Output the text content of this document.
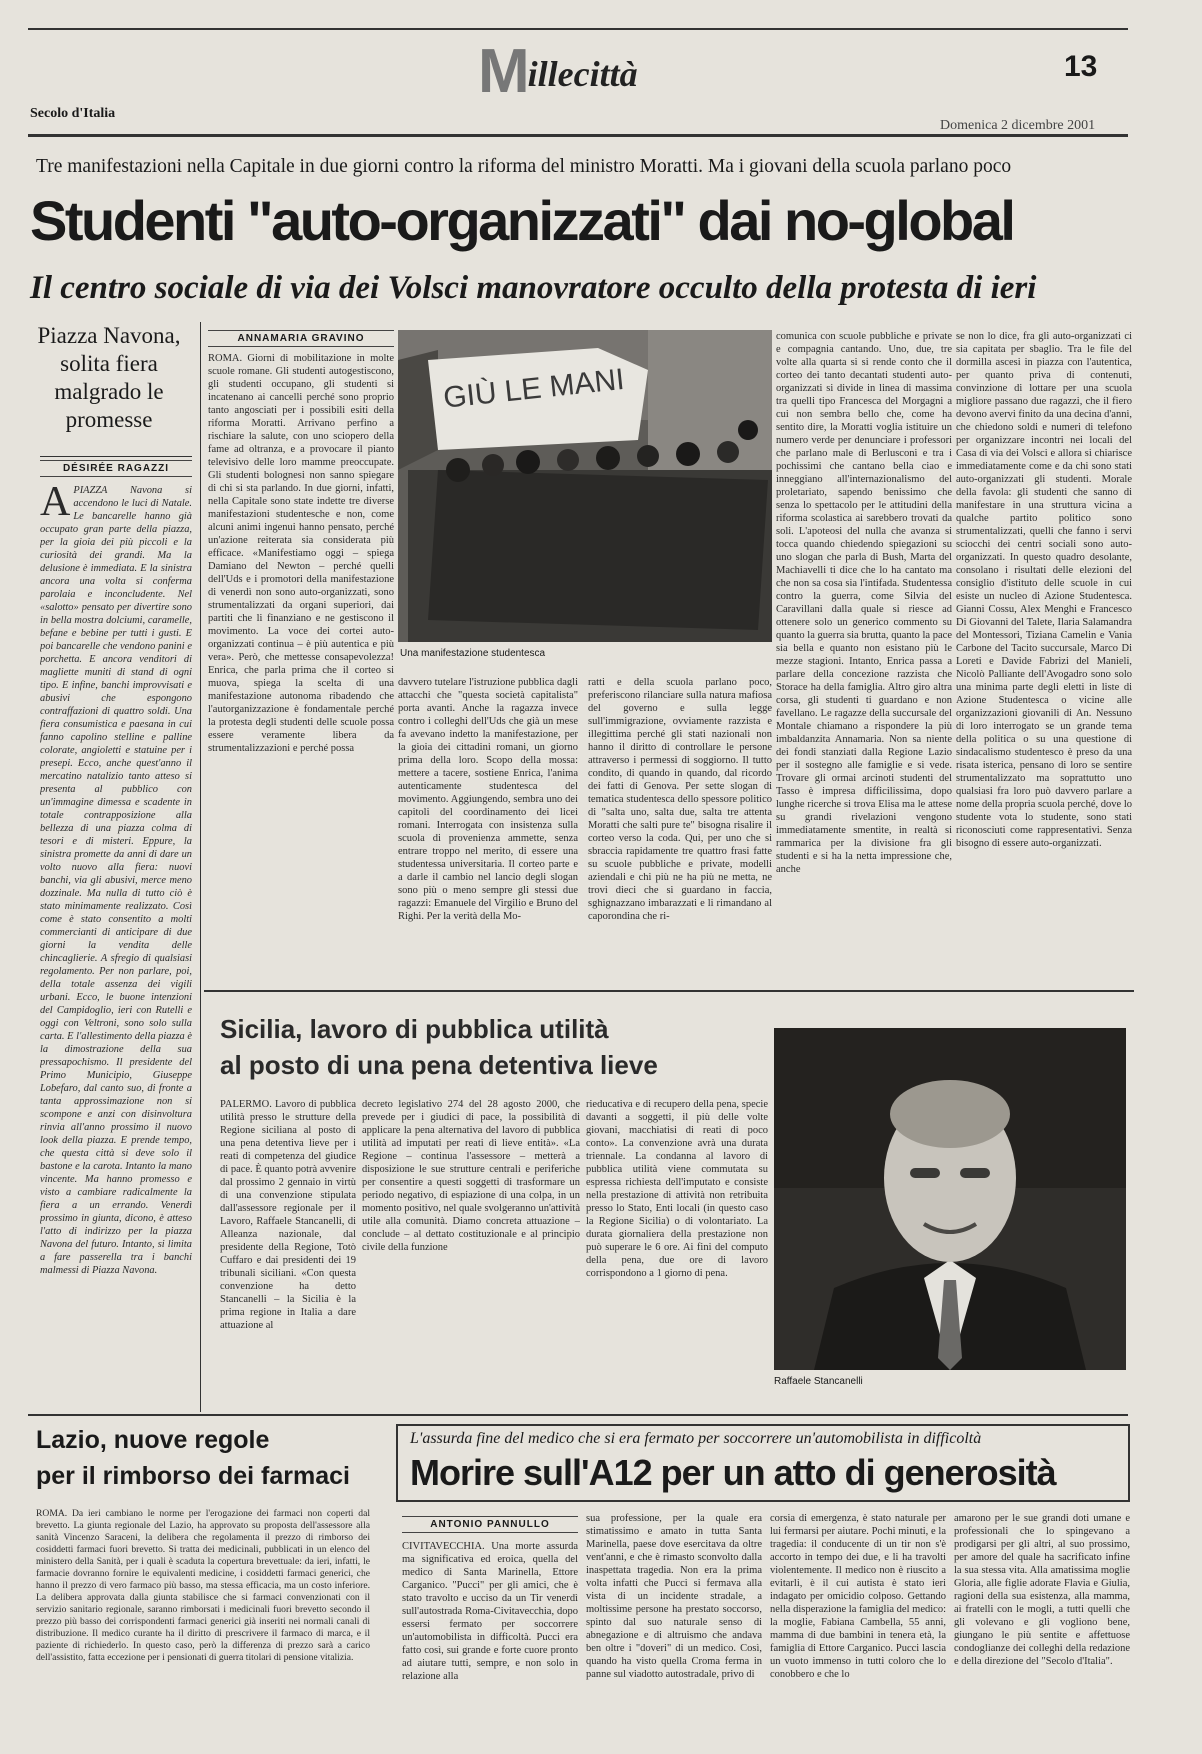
Millecittà	13
Secolo d'Italia
Domenica 2 dicembre 2001
Tre manifestazioni nella Capitale in due giorni contro la riforma del ministro Moratti. Ma i giovani della scuola parlano poco
Studenti "auto-organizzati" dai no-global
Il centro sociale di via dei Volsci manovratore occulto della protesta di ieri
Piazza Navona, solita fiera malgrado le promesse
DÉSIRÉE RAGAZZI
APIAZZA Navona si accendono le luci di Natale. Le bancarelle hanno già occupato gran parte della piazza, per la gioia dei più piccoli e la curiosità dei grandi. Ma la delusione è immediata. E la sinistra ancora una volta si conferma parolaia e inconcludente. Nel «salotto» pensato per divertire sono in bella mostra dolciumi, caramelle, befane e bebine per tutti i gusti. E poi bancarelle che vendono panini e porchetta. E ancora venditori di magliette muniti di stand di ogni tipo. E infine, banchi improvvisati e abusivi che espongono contraffazioni di quattro soldi. Una fiera consumistica e paesana in cui fanno capolino stelline e palline colorate, angioletti e statuine per i presepi. Ecco, anche quest'anno il mercatino natalizio tanto atteso si presenta al pubblico con un'immagine dimessa e scadente in totale contrapposizione alla bellezza di una piazza colma di tesori e di misteri. Eppure, la sinistra promette da anni di dare un volto nuovo alla fiera: nuovi banchi, via gli abusivi, merce meno dozzinale. Ma nulla di tutto ciò è stato minimamente realizzato. Così come è stato consentito a molti commercianti di anticipare di due giorni la vendita delle chincaglierie. A sfregio di qualsiasi regolamento. Per non parlare, poi, della totale assenza dei vigili urbani. Ecco, le buone intenzioni del Campidoglio, ieri con Rutelli e oggi con Veltroni, sono solo sulla carta. E l'allestimento della piazza è la dimostrazione della sua pressapochismo. Il presidente del Primo Municipio, Giuseppe Lobefaro, dal canto suo, di fronte a tanta approssimazione non si scompone e anzi con disinvoltura rinvia all'anno prossimo il nuovo look della piazza. E prende tempo, che questa città si deve solo il bastone e la carota. Intanto la mano vincente. Ma hanno promesso e visto a cambiare radicalmente la fiera a un errando. Venerdì prossimo in giunta, dicono, è atteso l'atto di indirizzo per la piazza Navona del futuro. Intanto, si limita a fare passerella tra i banchi malmessi di Piazza Navona.
ANNAMARIA GRAVINO
ROMA. Giorni di mobilitazione in molte scuole romane. Gli studenti autogestiscono, gli studenti occupano, gli studenti si incatenano ai cancelli perché sono proprio tanto angosciati per i possibili esiti della riforma Moratti. Arrivano perfino a rischiare la salute, con uno sciopero della fame ad oltranza, e a provocare il pianto televisivo delle loro mamme preoccupate. Gli studenti bolognesi non sanno spiegare di chi si sta parlando. In due giorni, infatti, nella Capitale sono state indette tre diverse manifestazioni studentesche e non, come alcuni animi ingenui hanno pensato, perché un'azione reiterata sia considerata più efficace. «Manifestiamo oggi – spiega Damiano del Newton – perché quelli dell'Uds e i promotori della manifestazione di venerdì non sono auto-organizzati, sono strumentalizzati da organi superiori, dai partiti che li finanziano e ne gestiscono il movimento. La voce dei cortei auto-organizzati continua – è più autentica e più vera». Però, che mettesse consapevolezza! Enrica, che parla prima che il corteo si muova, spiega la scelta di una manifestazione autonoma ribadendo che l'autorganizzazione è fondamentale perché la protesta degli studenti delle scuole possa essere veramente libera da strumentalizzazioni e perché possa
GIÙ LE MANI
Una manifestazione studentesca
davvero tutelare l'istruzione pubblica dagli attacchi che "questa società capitalista" porta avanti. Anche la ragazza invece contro i colleghi dell'Uds che già un mese fa avevano indetto la manifestazione, per la gioia dei cittadini romani, un giorno prima della loro. Scopo della mossa: mettere a tacere, sostiene Enrica, l'anima autenticamente studentesca del movimento. Aggiungendo, sembra uno dei capitoli del coordinamento dei licei romani. Interrogata con insistenza sulla scuola di provenienza ammette, senza entrare troppo nel merito, di essere una studentessa universitaria. Il corteo parte e a darle il cambio nel lancio degli slogan sono più o meno sempre gli stessi due ragazzi: Emanuele del Virgilio e Bruno del Righi. Per la verità della Mo-
ratti e della scuola parlano poco, preferiscono rilanciare sulla natura mafiosa del governo e sulla legge sull'immigrazione, ovviamente razzista e illegittima perché gli stati nazionali non hanno il diritto di controllare le persone attraverso i permessi di soggiorno. Il tutto condito, di quando in quando, dal ricordo dei fatti di Genova. Per sette slogan di tematica studentesca dello spessore politico di "salta uno, salta due, salta tre attenta Moratti che salti pure te" bisogna risalire il corteo verso la coda. Qui, per uno che si sbraccia rapidamente tre quattro frasi fatte su scuole pubbliche e private, modelli aziendali e chi più ne ha più ne metta, ne trovi dieci che si guardano in faccia, sghignazzano imbarazzati e li rimandano al caporondina che ri-
comunica con scuole pubbliche e private e compagnia cantando. Uno, due, tre volte alla quarta si si rende conto che il corteo dei tanto decantati studenti auto-organizzati si divide in linea di massima tra quelli tipo Francesca del Morgagni a cui non sembra bello che, come ha sentito dire, la Moratti voglia istituire un numero verde per denunciare i professori che parlano male di Berlusconi e tra i pochissimi che cantano bella ciao e inneggiano all'internazionalismo del proletariato, sapendo benissimo che senza lo spettacolo per le attitudini della riforma scolastica ai sarebbero trovati da soli. L'apoteosi del nulla che avanza si tocca quando chiedendo spiegazioni su uno slogan che parla di Bush, Marta del Machiavelli ti dice che lo ha cantato ma che non sa cosa sia l'intifada. Studentessa contro la guerra, come Silvia del Caravillani dalla quale si riesce ad ottenere solo un generico commento su quanto la guerra sia brutta, quanto la pace sia bella e quanto non esistano più le mezze stagioni. Intanto, Enrica passa a parlare della concezione razzista che Storace ha della famiglia. Altro giro altra corsa, gli studenti ti guardano e non favellano. Le ragazze della succursale del Montale chiamano a rispondere la più imbaldanzita Annamaria. Non sa niente dei fondi stanziati dalla Regione Lazio per il sostegno alle famiglie e si vede. Trovare gli ormai arcinoti studenti del Tasso è impresa difficilissima, dopo lunghe ricerche si trova Elisa ma le attese su grandi rivelazioni vengono immediatamente smentite, in realtà si rammarica per la divisione fra gli studenti e si ha la netta impressione che, anche
se non lo dice, fra gli auto-organizzati ci sia capitata per sbaglio. Tra le file del dormilla ascesi in piazza con l'autentica, per quanto priva di contenuti, convinzione di lottare per una scuola migliore passano due ragazzi, che il fiero devono avervi finito da una decina d'anni, che chiedono soldi e numeri di telefono per organizzare incontri nei locali del Casa di via dei Volsci e allora si chiarisce immediatamente come e da chi sono stati auto-organizzati gli studenti. Morale della favola: gli studenti che sanno di manifestare in una struttura vicina a qualche partito politico sono strumentalizzati, quelli che fanno i servi sciocchi dei centri sociali sono auto-organizzati. In questo quadro desolante, consolano i risultati delle elezioni del consiglio d'istituto delle scuole in cui esiste un nucleo di Azione Studentesca. Gianni Cossu, Alex Menghi e Francesco Di Giovanni del Talete, Ilaria Salamandra del Montessori, Tiziana Camelin e Vania Carbone del Tacito succursale, Marco Di Loreti e Davide Fabrizi del Manieli, Nicolò Palliante dell'Avogadro sono solo una minima parte degli eletti in liste di Azione Studentesca o vicine alle organizzazioni giovanili di An. Nessuno di loro interrogato se un grande tema della politica o su una questione di sindacalismo studentesco è preso da una risata isterica, pensano di loro se sentire strumentalizzato ma soprattutto uno qualsiasi fra loro può davvero parlare a nome della propria scuola perché, dove lo studente vota lo studente, sono stati riconosciuti come rappresentativi. Senza bisogno di essere auto-organizzati.
Sicilia, lavoro di pubblica utilità
al posto di una pena detentiva lieve
PALERMO. Lavoro di pubblica utilità presso le strutture della Regione siciliana al posto di una pena detentiva lieve per i reati di competenza del giudice di pace. È quanto potrà avvenire dal prossimo 2 gennaio in virtù di una convenzione stipulata dall'assessore regionale per il Lavoro, Raffaele Stancanelli, di Alleanza nazionale, dal presidente della Regione, Totò Cuffaro e dai presidenti dei 19 tribunali siciliani. «Con questa convenzione ha detto Stancanelli – la Sicilia è la prima regione in Italia a dare attuazione al
decreto legislativo 274 del 28 agosto 2000, che prevede per i giudici di pace, la possibilità di applicare la pena alternativa del lavoro di pubblica utilità ad imputati per reati di lieve entità». «La Regione – continua l'assessore – metterà a disposizione le sue strutture centrali e periferiche per consentire a questi soggetti di trasformare un periodo negativo, di espiazione di una colpa, in un momento positivo, nel quale svolgeranno un'attività utile alla comunità. Diamo concreta attuazione – conclude – al dettato costituzionale e al principio civile della funzione
rieducativa e di recupero della pena, specie davanti a soggetti, il più delle volte giovani, macchiatisi di reati di poco conto». La convenzione avrà una durata triennale. La condanna al lavoro di pubblica utilità viene commutata su espressa richiesta dell'imputato e consiste nella prestazione di attività non retribuita presso lo Stato, Enti locali (in questo caso la Regione Sicilia) o di volontariato. La durata giornaliera della prestazione non può superare le 6 ore. Ai fini del computo della pena, due ore di lavoro corrispondono a 1 giorno di pena.
Raffaele Stancanelli
Lazio, nuove regole
per il rimborso dei farmaci
ROMA. Da ieri cambiano le norme per l'erogazione dei farmaci non coperti dal brevetto. La giunta regionale del Lazio, ha approvato su proposta dell'assessore alla sanità Vincenzo Saraceni, la delibera che regolamenta il prezzo di rimborso dei cosiddetti farmaci fuori brevetto. Si tratta dei medicinali, pubblicati in un elenco del ministero della Sanità, per i quali è scaduta la copertura brevettuale: da ieri, infatti, le farmacie dovranno fornire le equivalenti medicine, i cosiddetti farmaci generici, che hanno il prezzo di vero farmaco più basso, ma stessa efficacia, ma un costo inferiore. La delibera approvata dalla giunta stabilisce che si farmaci convenzionati con il servizio sanitario regionale, saranno rimborsati i medicinali fuori brevetto secondo il prezzo più basso dei corrispondenti farmaci generici già inseriti nei normali canali di distribuzione. Il medico curante ha il diritto di prescrivere il farmaco di marca, e il paziente di richiederlo. In questo caso, però la differenza di prezzo sarà a carico dell'assistito, fatta eccezione per i pensionati di guerra titolari di pensione vitalizia.
L'assurda fine del medico che si era fermato per soccorrere un'automobilista in difficoltà
Morire sull'A12 per un atto di generosità
ANTONIO PANNULLO
CIVITAVECCHIA. Una morte assurda ma significativa ed eroica, quella del medico di Santa Marinella, Ettore Carganico. "Pucci" per gli amici, che è stato travolto e ucciso da un Tir venerdì sull'autostrada Roma-Civitavecchia, dopo essersi fermato per soccorrere un'automobilista in difficoltà. Pucci era fatto così, sui grande e forte cuore pronto ad aiutare tutti, sempre, e non solo in relazione alla
sua professione, per la quale era stimatissimo e amato in tutta Santa Marinella, paese dove esercitava da oltre vent'anni, e che è rimasto sconvolto dalla inaspettata tragedia. Non era la prima volta infatti che Pucci si fermava alla vista di un incidente stradale, a moltissime persone ha prestato soccorso, spinto dal suo naturale senso di abnegazione e di altruismo che andava ben oltre i "doveri" di un medico. Così, quando ha visto quella Croma ferma in panne sul viadotto autostradale, privo di
corsia di emergenza, è stato naturale per lui fermarsi per aiutare. Pochi minuti, e la tragedia: il conducente di un tir non s'è accorto in tempo dei due, e li ha travolti violentemente. Il medico non è riuscito a evitarli, è il cui autista è stato ieri indagato per omicidio colposo. Gettando nella disperazione la famiglia del medico: la moglie, Fabiana Cambella, 55 anni, mamma di due bambini in tenera età, la famiglia di Ettore Carganico. Pucci lascia un vuoto immenso in tutti coloro che lo conobbero e che lo
amarono per le sue grandi doti umane e professionali che lo spingevano a prodigarsi per gli altri, al suo prossimo, per amore del quale ha sacrificato infine la sua stessa vita. Alla amatissima moglie Gloria, alle figlie adorate Flavia e Giulia, ragioni della sua esistenza, alla mamma, ai fratelli con le mogli, a tutti quelli che gli volevano e gli vogliono bene, giungano le più sentite e affettuose condoglianze dei colleghi della redazione e della direzione del "Secolo d'Italia".
